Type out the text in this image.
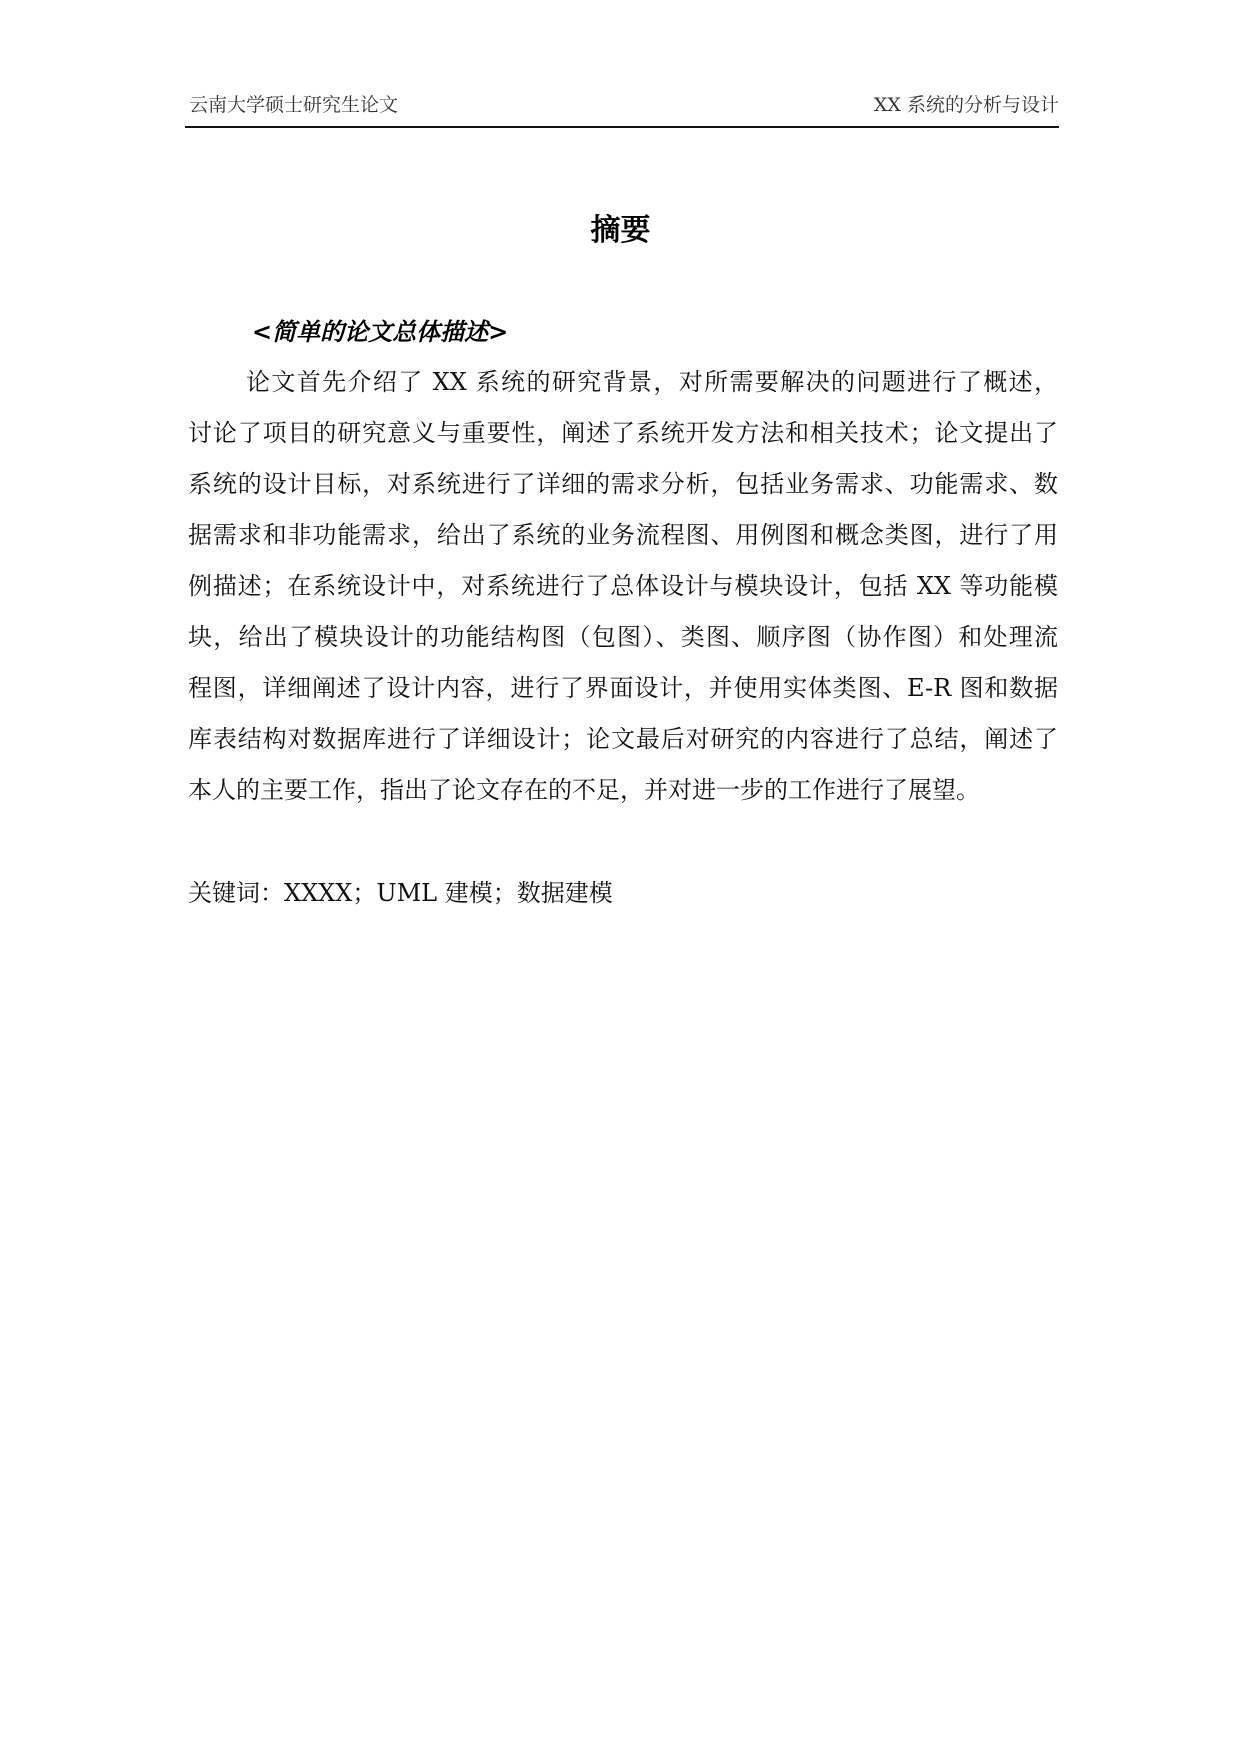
云南大学硕士研究生论文	XX 系统的分析与设计
摘要
<简单的论文总体描述>
论文首先介绍了 XX 系统的研究背景，对所需要解决的问题进行了概述，
讨论了项目的研究意义与重要性，阐述了系统开发方法和相关技术；论文提出了
系统的设计目标，对系统进行了详细的需求分析，包括业务需求、功能需求、数
据需求和非功能需求，给出了系统的业务流程图、用例图和概念类图，进行了用
例描述；在系统设计中，对系统进行了总体设计与模块设计，包括 XX 等功能模
块，给出了模块设计的功能结构图（包图）、类图、顺序图（协作图）和处理流
程图，详细阐述了设计内容，进行了界面设计，并使用实体类图、E-R 图和数据
库表结构对数据库进行了详细设计；论文最后对研究的内容进行了总结，阐述了
本人的主要工作，指出了论文存在的不足，并对进一步的工作进行了展望。
关键词：XXXX；UML 建模；数据建模
